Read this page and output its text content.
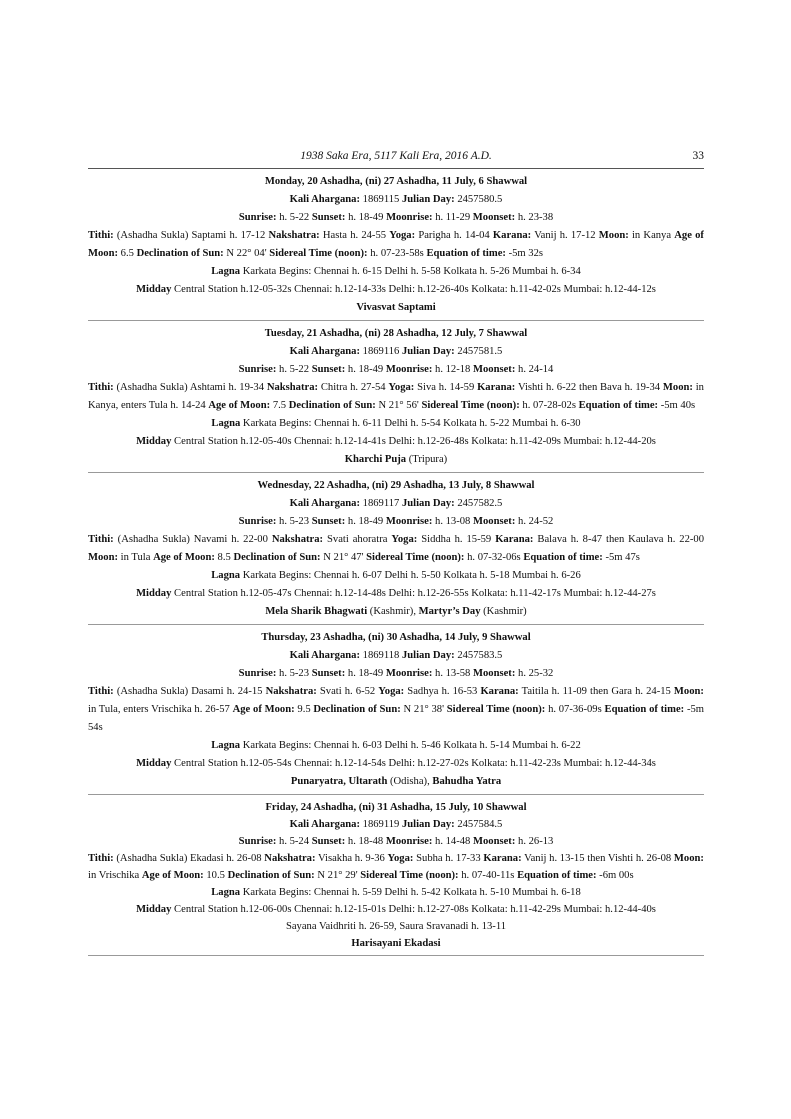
1938 Saka Era, 5117 Kali Era, 2016 A.D.	33

Monday, 20 Ashadha, (ni) 27 Ashadha, 11 July, 6 Shawwal

Kali Ahargana: 1869115 Julian Day: 2457580.5

Sunrise: h. 5-22 Sunset: h. 18-49 Moonrise: h. 11-29 Moonset: h. 23-38

Tithi: (Ashadha Sukla) Saptami h. 17-12 Nakshatra: Hasta h. 24-55 Yoga: Parigha h. 14-04 Karana: Vanij h. 17-12 Moon: in Kanya Age of Moon: 6.5 Declination of Sun: N 22° 04' Sidereal Time (noon): h. 07-23-58s Equation of time: -5m 32s

Lagna Karkata Begins: Chennai h. 6-15 Delhi h. 5-58 Kolkata h. 5-26 Mumbai h. 6-34

Midday Central Station h.12-05-32s Chennai: h.12-14-33s Delhi: h.12-26-40s Kolkata: h.11-42-02s Mumbai: h.12-44-12s

Vivasvat Saptami

Tuesday, 21 Ashadha, (ni) 28 Ashadha, 12 July, 7 Shawwal

Kali Ahargana: 1869116 Julian Day: 2457581.5

Sunrise: h. 5-22 Sunset: h. 18-49 Moonrise: h. 12-18 Moonset: h. 24-14

Tithi: (Ashadha Sukla) Ashtami h. 19-34 Nakshatra: Chitra h. 27-54 Yoga: Siva h. 14-59 Karana: Vishti h. 6-22 then Bava h. 19-34 Moon: in Kanya, enters Tula h. 14-24 Age of Moon: 7.5 Declination of Sun: N 21° 56' Sidereal Time (noon): h. 07-28-02s Equation of time: -5m 40s

Lagna Karkata Begins: Chennai h. 6-11 Delhi h. 5-54 Kolkata h. 5-22 Mumbai h. 6-30

Midday Central Station h.12-05-40s Chennai: h.12-14-41s Delhi: h.12-26-48s Kolkata: h.11-42-09s Mumbai: h.12-44-20s

Kharchi Puja (Tripura)

Wednesday, 22 Ashadha, (ni) 29 Ashadha, 13 July, 8 Shawwal

Kali Ahargana: 1869117 Julian Day: 2457582.5

Sunrise: h. 5-23 Sunset: h. 18-49 Moonrise: h. 13-08 Moonset: h. 24-52

Tithi: (Ashadha Sukla) Navami h. 22-00 Nakshatra: Svati ahoratra Yoga: Siddha h. 15-59 Karana: Balava h. 8-47 then Kaulava h. 22-00 Moon: in Tula Age of Moon: 8.5 Declination of Sun: N 21° 47' Sidereal Time (noon): h. 07-32-06s Equation of time: -5m 47s

Lagna Karkata Begins: Chennai h. 6-07 Delhi h. 5-50 Kolkata h. 5-18 Mumbai h. 6-26

Midday Central Station h.12-05-47s Chennai: h.12-14-48s Delhi: h.12-26-55s Kolkata: h.11-42-17s Mumbai: h.12-44-27s

Mela Sharik Bhagwati (Kashmir), Martyr’s Day (Kashmir)

Thursday, 23 Ashadha, (ni) 30 Ashadha, 14 July, 9 Shawwal

Kali Ahargana: 1869118 Julian Day: 2457583.5

Sunrise: h. 5-23 Sunset: h. 18-49 Moonrise: h. 13-58 Moonset: h. 25-32

Tithi: (Ashadha Sukla) Dasami h. 24-15 Nakshatra: Svati h. 6-52 Yoga: Sadhya h. 16-53 Karana: Taitila h. 11-09 then Gara h. 24-15 Moon: in Tula, enters Vrischika h. 26-57 Age of Moon: 9.5 Declination of Sun: N 21° 38' Sidereal Time (noon): h. 07-36-09s Equation of time: -5m 54s

Lagna Karkata Begins: Chennai h. 6-03 Delhi h. 5-46 Kolkata h. 5-14 Mumbai h. 6-22

Midday Central Station h.12-05-54s Chennai: h.12-14-54s Delhi: h.12-27-02s Kolkata: h.11-42-23s Mumbai: h.12-44-34s

Punaryatra, Ultarath (Odisha), Bahudha Yatra

Friday, 24 Ashadha, (ni) 31 Ashadha, 15 July, 10 Shawwal

Kali Ahargana: 1869119 Julian Day: 2457584.5

Sunrise: h. 5-24 Sunset: h. 18-48 Moonrise: h. 14-48 Moonset: h. 26-13

Tithi: (Ashadha Sukla) Ekadasi h. 26-08 Nakshatra: Visakha h. 9-36 Yoga: Subha h. 17-33 Karana: Vanij h. 13-15 then Vishti h. 26-08 Moon: in Vrischika Age of Moon: 10.5 Declination of Sun: N 21° 29' Sidereal Time (noon): h. 07-40-11s Equation of time: -6m 00s

Lagna Karkata Begins: Chennai h. 5-59 Delhi h. 5-42 Kolkata h. 5-10 Mumbai h. 6-18

Midday Central Station h.12-06-00s Chennai: h.12-15-01s Delhi: h.12-27-08s Kolkata: h.11-42-29s Mumbai: h.12-44-40s

Sayana Vaidhriti h. 26-59, Saura Sravanadi h. 13-11

Harisayani Ekadasi
